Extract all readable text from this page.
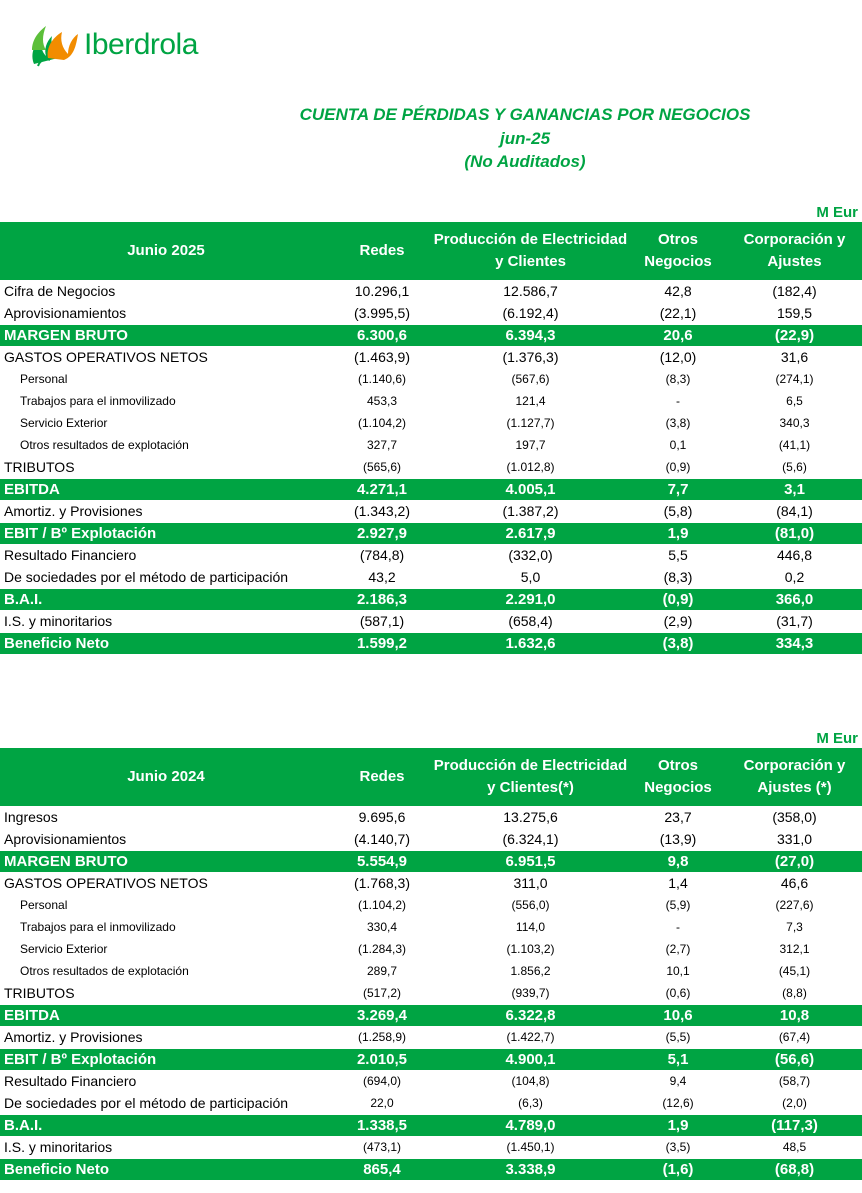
Iberdrola
CUENTA DE PÉRDIDAS Y GANANCIAS POR NEGOCIOS
jun-25
(No Auditados)
M Eur
Junio 2025	Redes	Producción de Electricidad y Clientes	Otros Negocios	Corporación y Ajustes
Cifra de Negocios	10.296,1	12.586,7	42,8	(182,4)
Aprovisionamientos	(3.995,5)	(6.192,4)	(22,1)	159,5
MARGEN BRUTO	6.300,6	6.394,3	20,6	(22,9)
GASTOS OPERATIVOS NETOS	(1.463,9)	(1.376,3)	(12,0)	31,6
Personal	(1.140,6)	(567,6)	(8,3)	(274,1)
Trabajos para el inmovilizado	453,3	121,4	-	6,5
Servicio Exterior	(1.104,2)	(1.127,7)	(3,8)	340,3
Otros resultados de explotación	327,7	197,7	0,1	(41,1)
TRIBUTOS	(565,6)	(1.012,8)	(0,9)	(5,6)
EBITDA	4.271,1	4.005,1	7,7	3,1
Amortiz. y Provisiones	(1.343,2)	(1.387,2)	(5,8)	(84,1)
EBIT / Bº Explotación	2.927,9	2.617,9	1,9	(81,0)
Resultado Financiero	(784,8)	(332,0)	5,5	446,8
De sociedades por el método de participación	43,2	5,0	(8,3)	0,2
B.A.I.	2.186,3	2.291,0	(0,9)	366,0
I.S. y minoritarios	(587,1)	(658,4)	(2,9)	(31,7)
Beneficio Neto	1.599,2	1.632,6	(3,8)	334,3
M Eur
Junio 2024	Redes	Producción de Electricidad y Clientes(*)	Otros Negocios	Corporación y Ajustes (*)
Ingresos	9.695,6	13.275,6	23,7	(358,0)
Aprovisionamientos	(4.140,7)	(6.324,1)	(13,9)	331,0
MARGEN BRUTO	5.554,9	6.951,5	9,8	(27,0)
GASTOS OPERATIVOS NETOS	(1.768,3)	311,0	1,4	46,6
Personal	(1.104,2)	(556,0)	(5,9)	(227,6)
Trabajos para el inmovilizado	330,4	114,0	-	7,3
Servicio Exterior	(1.284,3)	(1.103,2)	(2,7)	312,1
Otros resultados de explotación	289,7	1.856,2	10,1	(45,1)
TRIBUTOS	(517,2)	(939,7)	(0,6)	(8,8)
EBITDA	3.269,4	6.322,8	10,6	10,8
Amortiz. y Provisiones	(1.258,9)	(1.422,7)	(5,5)	(67,4)
EBIT / Bº Explotación	2.010,5	4.900,1	5,1	(56,6)
Resultado Financiero	(694,0)	(104,8)	9,4	(58,7)
De sociedades por el método de participación	22,0	(6,3)	(12,6)	(2,0)
B.A.I.	1.338,5	4.789,0	1,9	(117,3)
I.S. y minoritarios	(473,1)	(1.450,1)	(3,5)	48,5
Beneficio Neto	865,4	3.338,9	(1,6)	(68,8)
